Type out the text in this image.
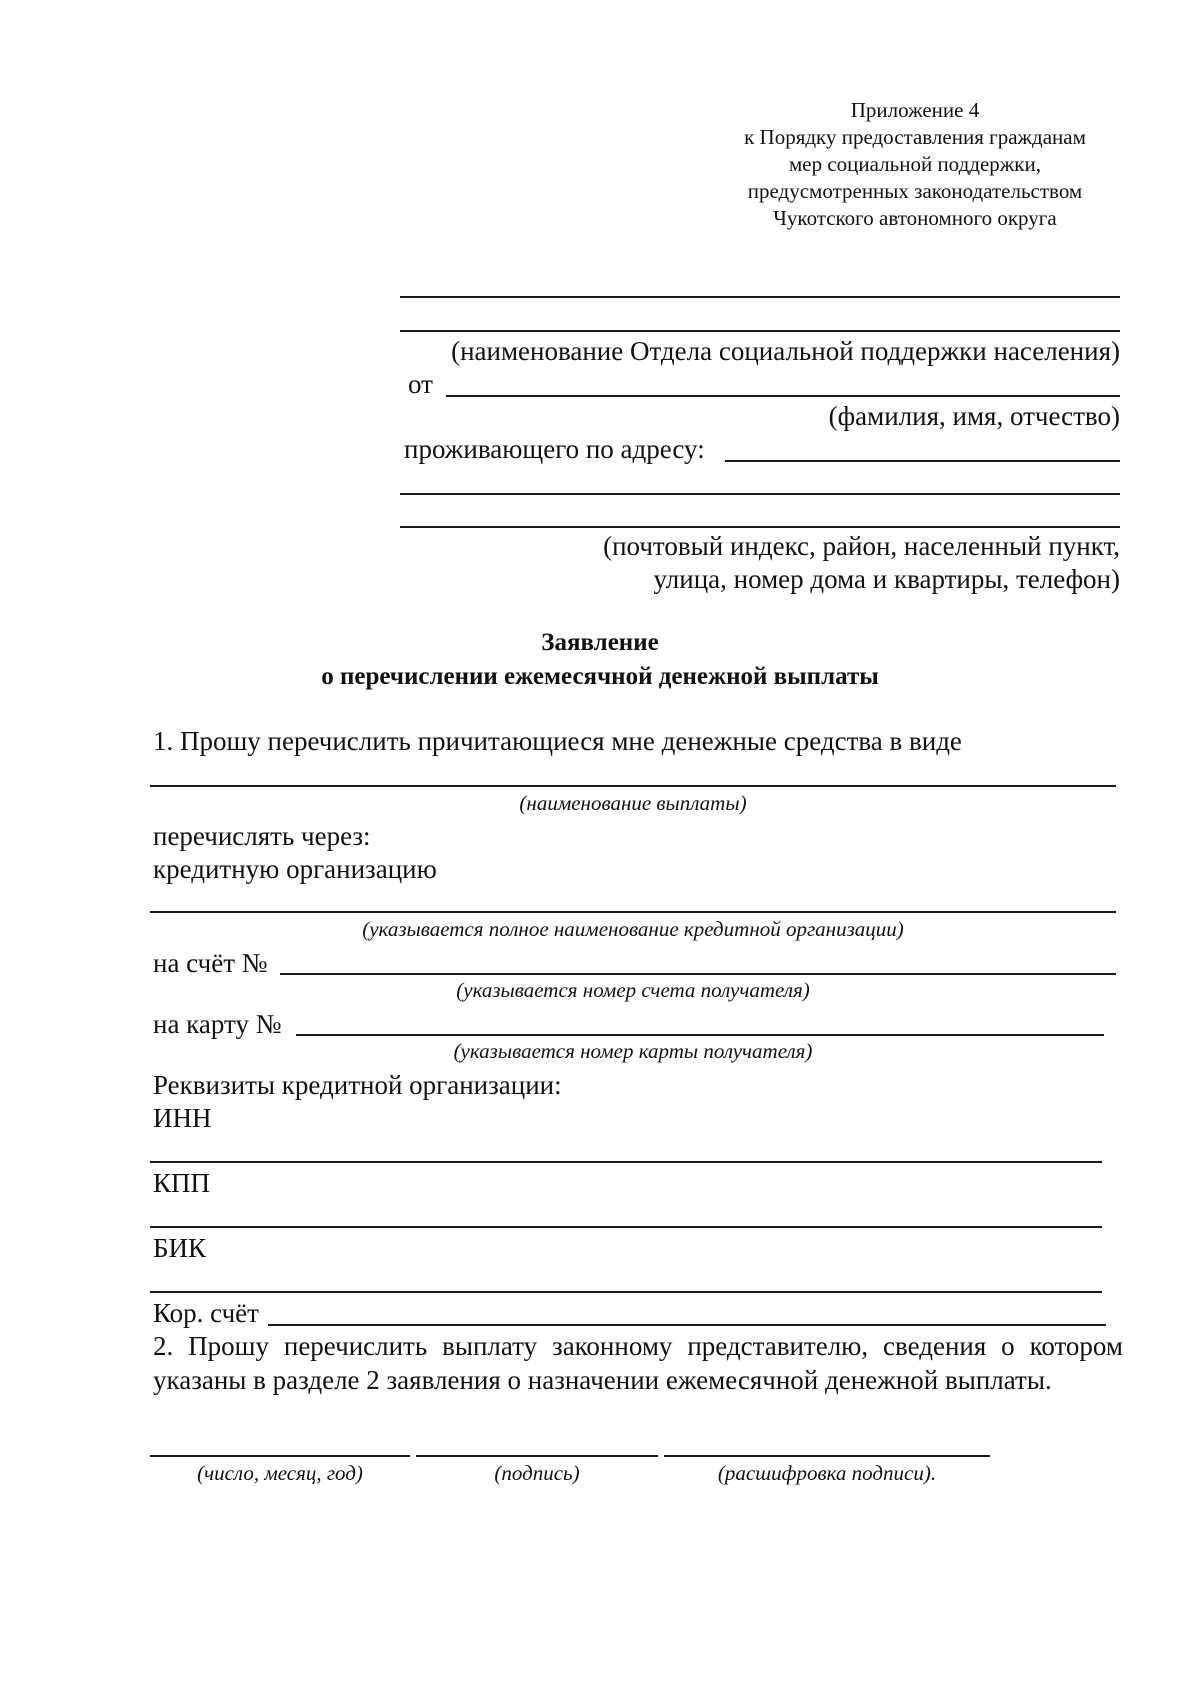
Приложение 4
к Порядку предоставления гражданам
мер социальной поддержки,
предусмотренных законодательством
Чукотского автономного округа
(наименование Отдела социальной поддержки населения)
от
(фамилия, имя, отчество)
проживающего по адресу:
(почтовый индекс, район, населенный пункт,
улица, номер дома и квартиры, телефон)
Заявление
о перечислении ежемесячной денежной выплаты
1. Прошу перечислить причитающиеся мне денежные средства в виде
(наименование выплаты)
перечислять через:
кредитную организацию
(указывается полное наименование кредитной организации)
на счёт №
(указывается номер счета получателя)
на карту №
(указывается номер карты получателя)
Реквизиты кредитной организации:
ИНН
КПП
БИК
Кор. счёт
2. Прошу перечислить выплату законному представителю, сведения о котором
указаны в разделе 2 заявления о назначении ежемесячной денежной выплаты.
(число, месяц, год)	(подпись)	(расшифровка подписи).
